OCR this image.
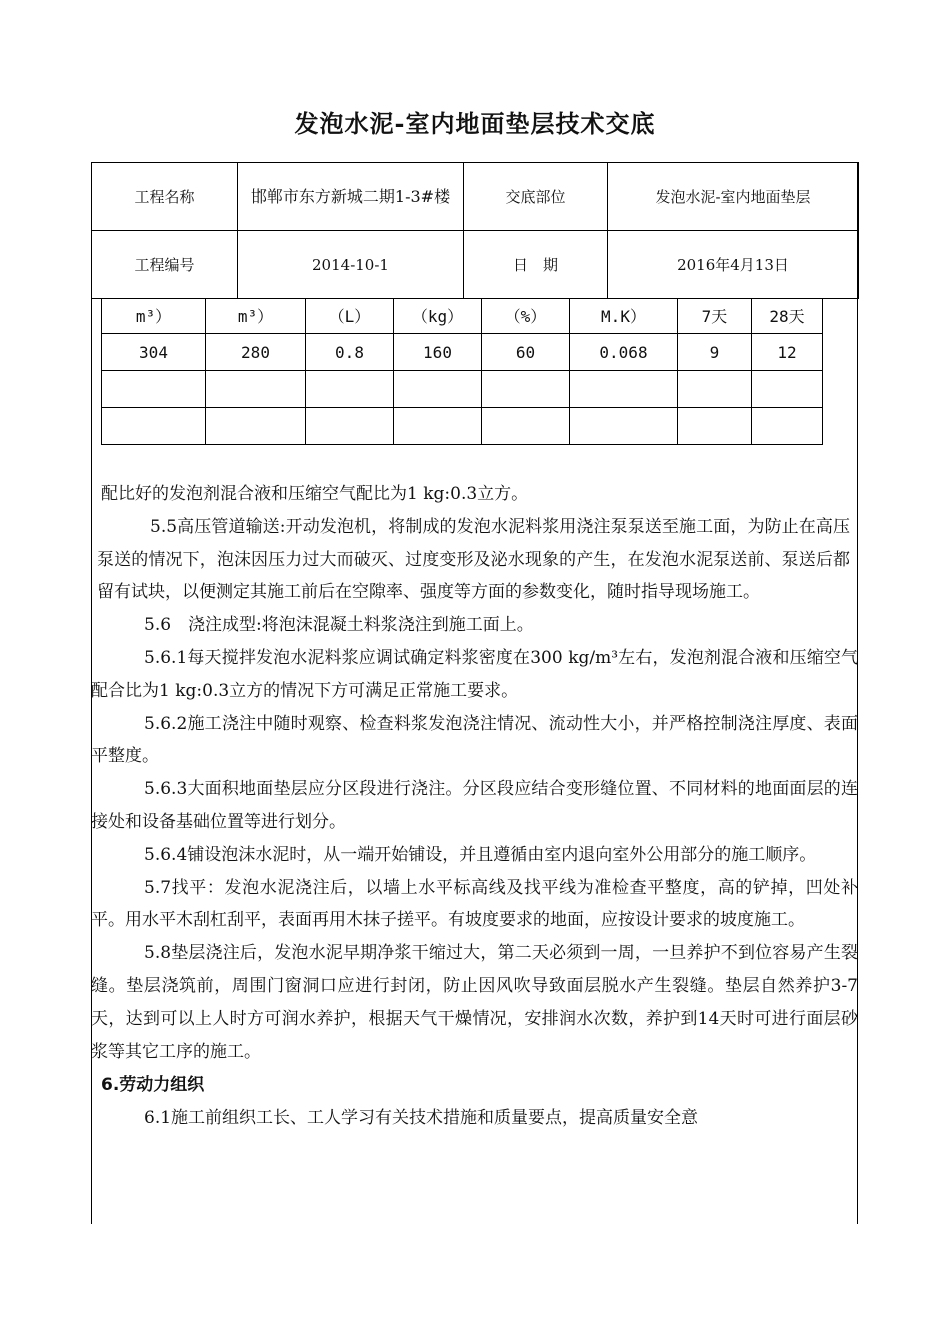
发泡水泥-室内地面垫层技术交底
工程名称	邯郸市东方新城二期1-3#楼	交底部位	发泡水泥-室内地面垫层
工程编号	2014-10-1	日　期	2016年4月13日
m³）	m³）	（L）	（kg）	（%）	M.K）	7天	28天
304	280	0.8	160	60	0.068	9	12

配比好的发泡剂混合液和压缩空气配比为1 kg:0.3立方。

5.5高压管道输送:开动发泡机，将制成的发泡水泥料浆用浇注泵泵送至施工面，为防止在高压泵送的情况下，泡沫因压力过大而破灭、过度变形及泌水现象的产生，在发泡水泥泵送前、泵送后都留有试块，以便测定其施工前后在空隙率、强度等方面的参数变化，随时指导现场施工。

5.6　浇注成型:将泡沫混凝土料浆浇注到施工面上。

5.6.1每天搅拌发泡水泥料浆应调试确定料浆密度在300 kg/m³左右，发泡剂混合液和压缩空气配合比为1 kg:0.3立方的情况下方可满足正常施工要求。

5.6.2施工浇注中随时观察、检查料浆发泡浇注情况、流动性大小，并严格控制浇注厚度、表面平整度。

5.6.3大面积地面垫层应分区段进行浇注。分区段应结合变形缝位置、不同材料的地面面层的连接处和设备基础位置等进行划分。

5.6.4铺设泡沫水泥时，从一端开始铺设，并且遵循由室内退向室外公用部分的施工顺序。

5.7找平：发泡水泥浇注后，以墙上水平标高线及找平线为准检查平整度，高的铲掉，凹处补平。用水平木刮杠刮平，表面再用木抹子搓平。有坡度要求的地面，应按设计要求的坡度施工。

5.8垫层浇注后，发泡水泥早期净浆干缩过大，第二天必须到一周，一旦养护不到位容易产生裂缝。垫层浇筑前，周围门窗洞口应进行封闭，防止因风吹导致面层脱水产生裂缝。垫层自然养护3-7天，达到可以上人时方可润水养护，根据天气干燥情况，安排润水次数，养护到14天时可进行面层砂浆等其它工序的施工。

6.劳动力组织

6.1施工前组织工长、工人学习有关技术措施和质量要点，提高质量安全意
